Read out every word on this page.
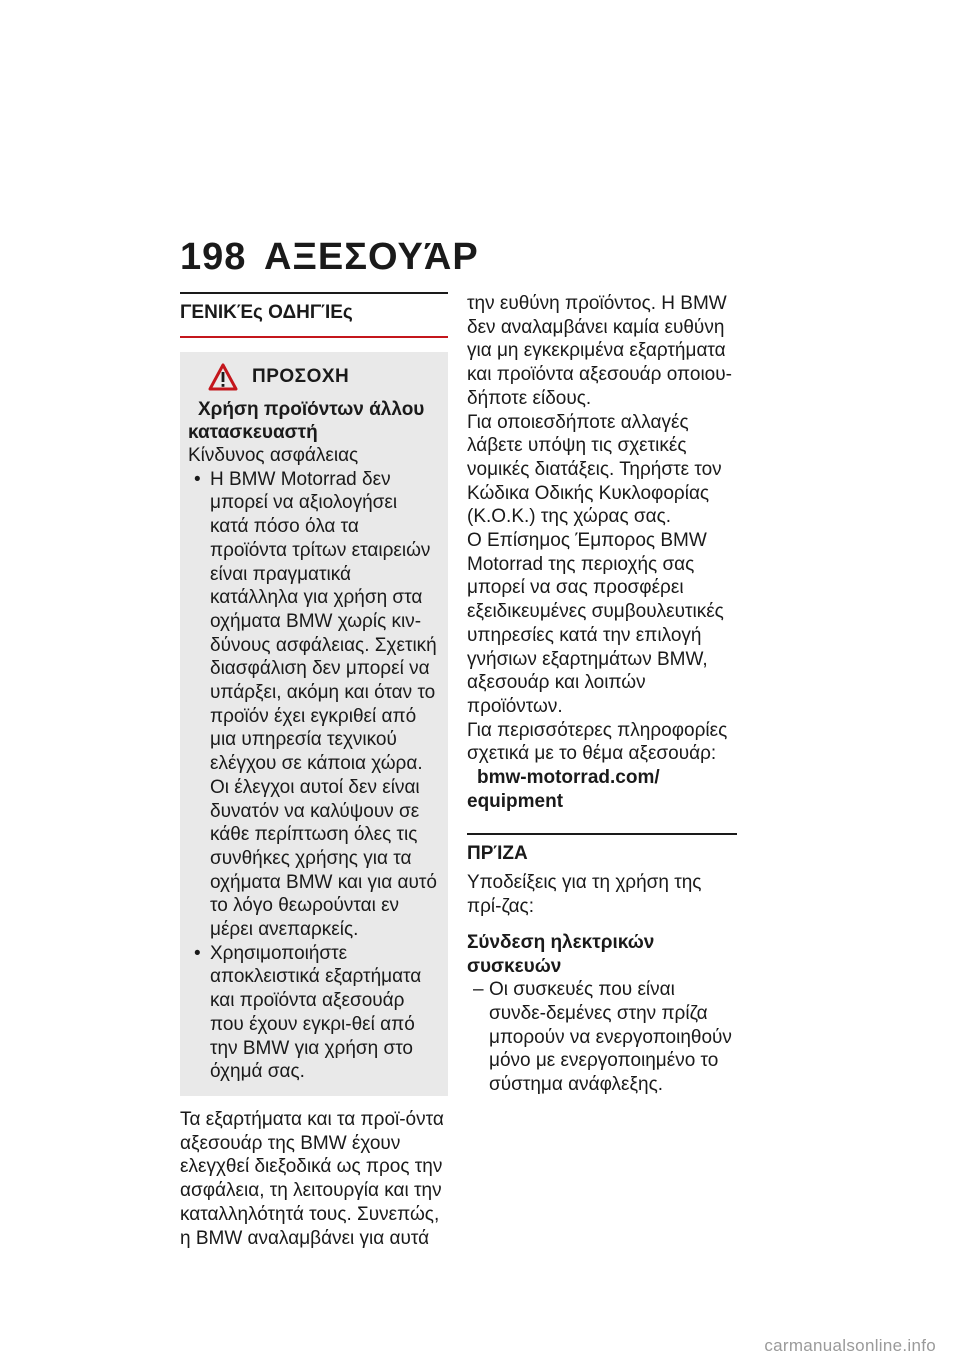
198 ΑΞΕΣΟΥΆΡ
ΓΕΝΙΚΈς ΟΔΗΓΊΕς
ΠΡΟΣΟΧΗ
Χρήση προϊόντων άλλου
κατασκευαστή
Κίνδυνος ασφάλειας
• Η BMW Motorrad δεν μπορεί να αξιολογήσει κατά πόσο όλα τα προϊόντα τρίτων εταιρειών είναι πραγματικά κατάλληλα για χρήση στα οχήματα BMW χωρίς κιν-δύνους ασφάλειας. Σχετική διασφάλιση δεν μπορεί να υπάρξει, ακόμη και όταν το προϊόν έχει εγκριθεί από μια υπηρεσία τεχνικού ελέγχου σε κάποια χώρα. Οι έλεγχοι αυτοί δεν είναι δυνατόν να καλύψουν σε κάθε περίπτωση όλες τις συνθήκες χρήσης για τα οχήματα BMW και για αυτό το λόγο θεωρούνται εν μέρει ανεπαρκείς.
• Χρησιμοποιήστε αποκλειστικά εξαρτήματα και προϊόντα αξεσουάρ που έχουν εγκρι-θεί από την BMW για χρήση στο όχημά σας.
Τα εξαρτήματα και τα προϊ-όντα αξεσουάρ της BMW έχουν ελεγχθεί διεξοδικά ως προς την ασφάλεια, τη λειτουργία και την καταλληλότητά τους. Συνεπώς, η BMW αναλαμβάνει για αυτά
την ευθύνη προϊόντος. Η BMW δεν αναλαμβάνει καμία ευθύνη για μη εγκεκριμένα εξαρτήματα και προϊόντα αξεσουάρ οποιου-δήποτε είδους.
Για οποιεσδήποτε αλλαγές λάβετε υπόψη τις σχετικές νομικές διατάξεις. Τηρήστε τον Κώδικα Οδικής Κυκλοφορίας (Κ.Ο.Κ.) της χώρας σας.
Ο Επίσημος Έμπορος BMW Motorrad της περιοχής σας μπορεί να σας προσφέρει εξειδικευμένες συμβουλευτικές υπηρεσίες κατά την επιλογή γνήσιων εξαρτημάτων BMW, αξεσουάρ και λοιπών προϊόντων.
Για περισσότερες πληροφορίες σχετικά με το θέμα αξεσουάρ:
bmw-motorrad.com/
equipment
ΠΡΊΖΑ
Υποδείξεις για τη χρήση της πρί-ζας:
Σύνδεση ηλεκτρικών
συσκευών
– Οι συσκευές που είναι συνδε-δεμένες στην πρίζα μπορούν να ενεργοποιηθούν μόνο με ενεργοποιημένο το σύστημα ανάφλεξης.
carmanualsonline.info
